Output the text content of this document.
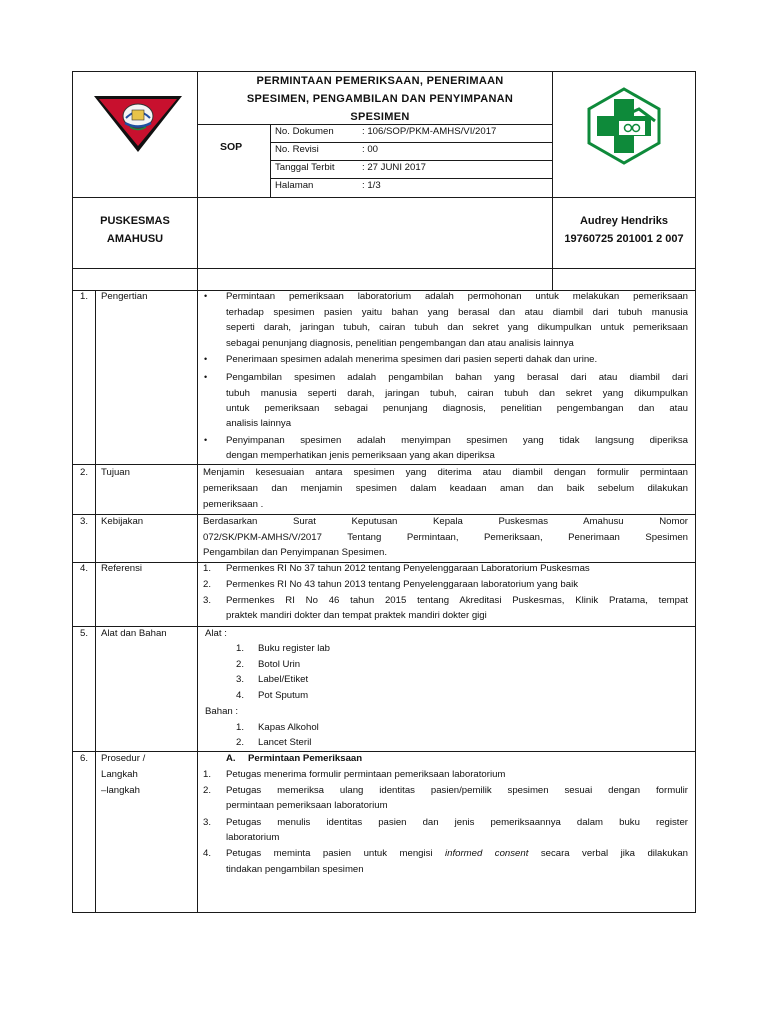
PERMINTAAN PEMERIKSAAN, PENERIMAAN
SPESIMEN, PENGAMBILAN DAN PENYIMPANAN
SPESIMEN
SOP
No. Dokumen	: 106/SOP/PKM-AMHS/VI/2017
No. Revisi	: 00
Tanggal Terbit	: 27 JUNI 2017
Halaman	: 1/3
PUSKESMAS
AMAHUSU
Audrey Hendriks
19760725 201001 2 007
1. Pengertian	• Permintaan pemeriksaan laboratorium adalah permohonan untuk melakukan pemeriksaan
terhadap spesimen pasien yaitu bahan yang berasal dan atau diambil dari tubuh manusia
seperti darah, jaringan tubuh, cairan tubuh dan sekret yang dikumpulkan untuk pemeriksaan
sebagai penunjang diagnosis, penelitian pengembangan dan atau analisis lainnya
• Penerimaan spesimen adalah menerima spesimen dari pasien seperti dahak dan urine.
• Pengambilan spesimen adalah pengambilan bahan yang berasal dari atau diambil dari
tubuh manusia seperti darah, jaringan tubuh, cairan tubuh dan sekret yang dikumpulkan
untuk pemeriksaan sebagai penunjang diagnosis, penelitian pengembangan dan atau
analisis lainnya
• Penyimpanan spesimen adalah menyimpan spesimen yang tidak langsung diperiksa
dengan memperhatikan jenis pemeriksaan yang akan diperiksa
2. Tujuan	Menjamin kesesuaian antara spesimen yang diterima atau diambil dengan formulir permintaan
pemeriksaan dan menjamin spesimen dalam keadaan aman dan baik sebelum dilakukan
pemeriksaan .
3. Kebijakan	Berdasarkan Surat Keputusan Kepala Puskesmas Amahusu Nomor
072/SK/PKM-AMHS/V/2017 Tentang Permintaan, Pemeriksaan, Penerimaan Spesimen
Pengambilan dan Penyimpanan Spesimen.
4. Referensi	1. Permenkes RI No 37 tahun 2012 tentang Penyelenggaraan Laboratorium Puskesmas
2. Permenkes RI No 43 tahun 2013 tentang Penyelenggaraan laboratorium yang baik
3. Permenkes RI No 46 tahun 2015 tentang Akreditasi Puskesmas, Klinik Pratama, tempat
praktek mandiri dokter dan tempat praktek mandiri dokter gigi
5. Alat dan Bahan	Alat :
1. Buku register lab
2. Botol Urin
3. Label/Etiket
4. Pot Sputum
Bahan :
1. Kapas Alkohol
2. Lancet Steril
6. Prosedur /
Langkah
–langkah
A. Permintaan Pemeriksaan
1. Petugas menerima formulir permintaan pemeriksaan laboratorium
2. Petugas memeriksa ulang identitas pasien/pemilik spesimen sesuai dengan formulir
permintaan pemeriksaan laboratorium
3. Petugas menulis identitas pasien dan jenis pemeriksaannya dalam buku register
laboratorium
4. Petugas meminta pasien untuk mengisi informed consent secara verbal jika dilakukan
tindakan pengambilan spesimen
